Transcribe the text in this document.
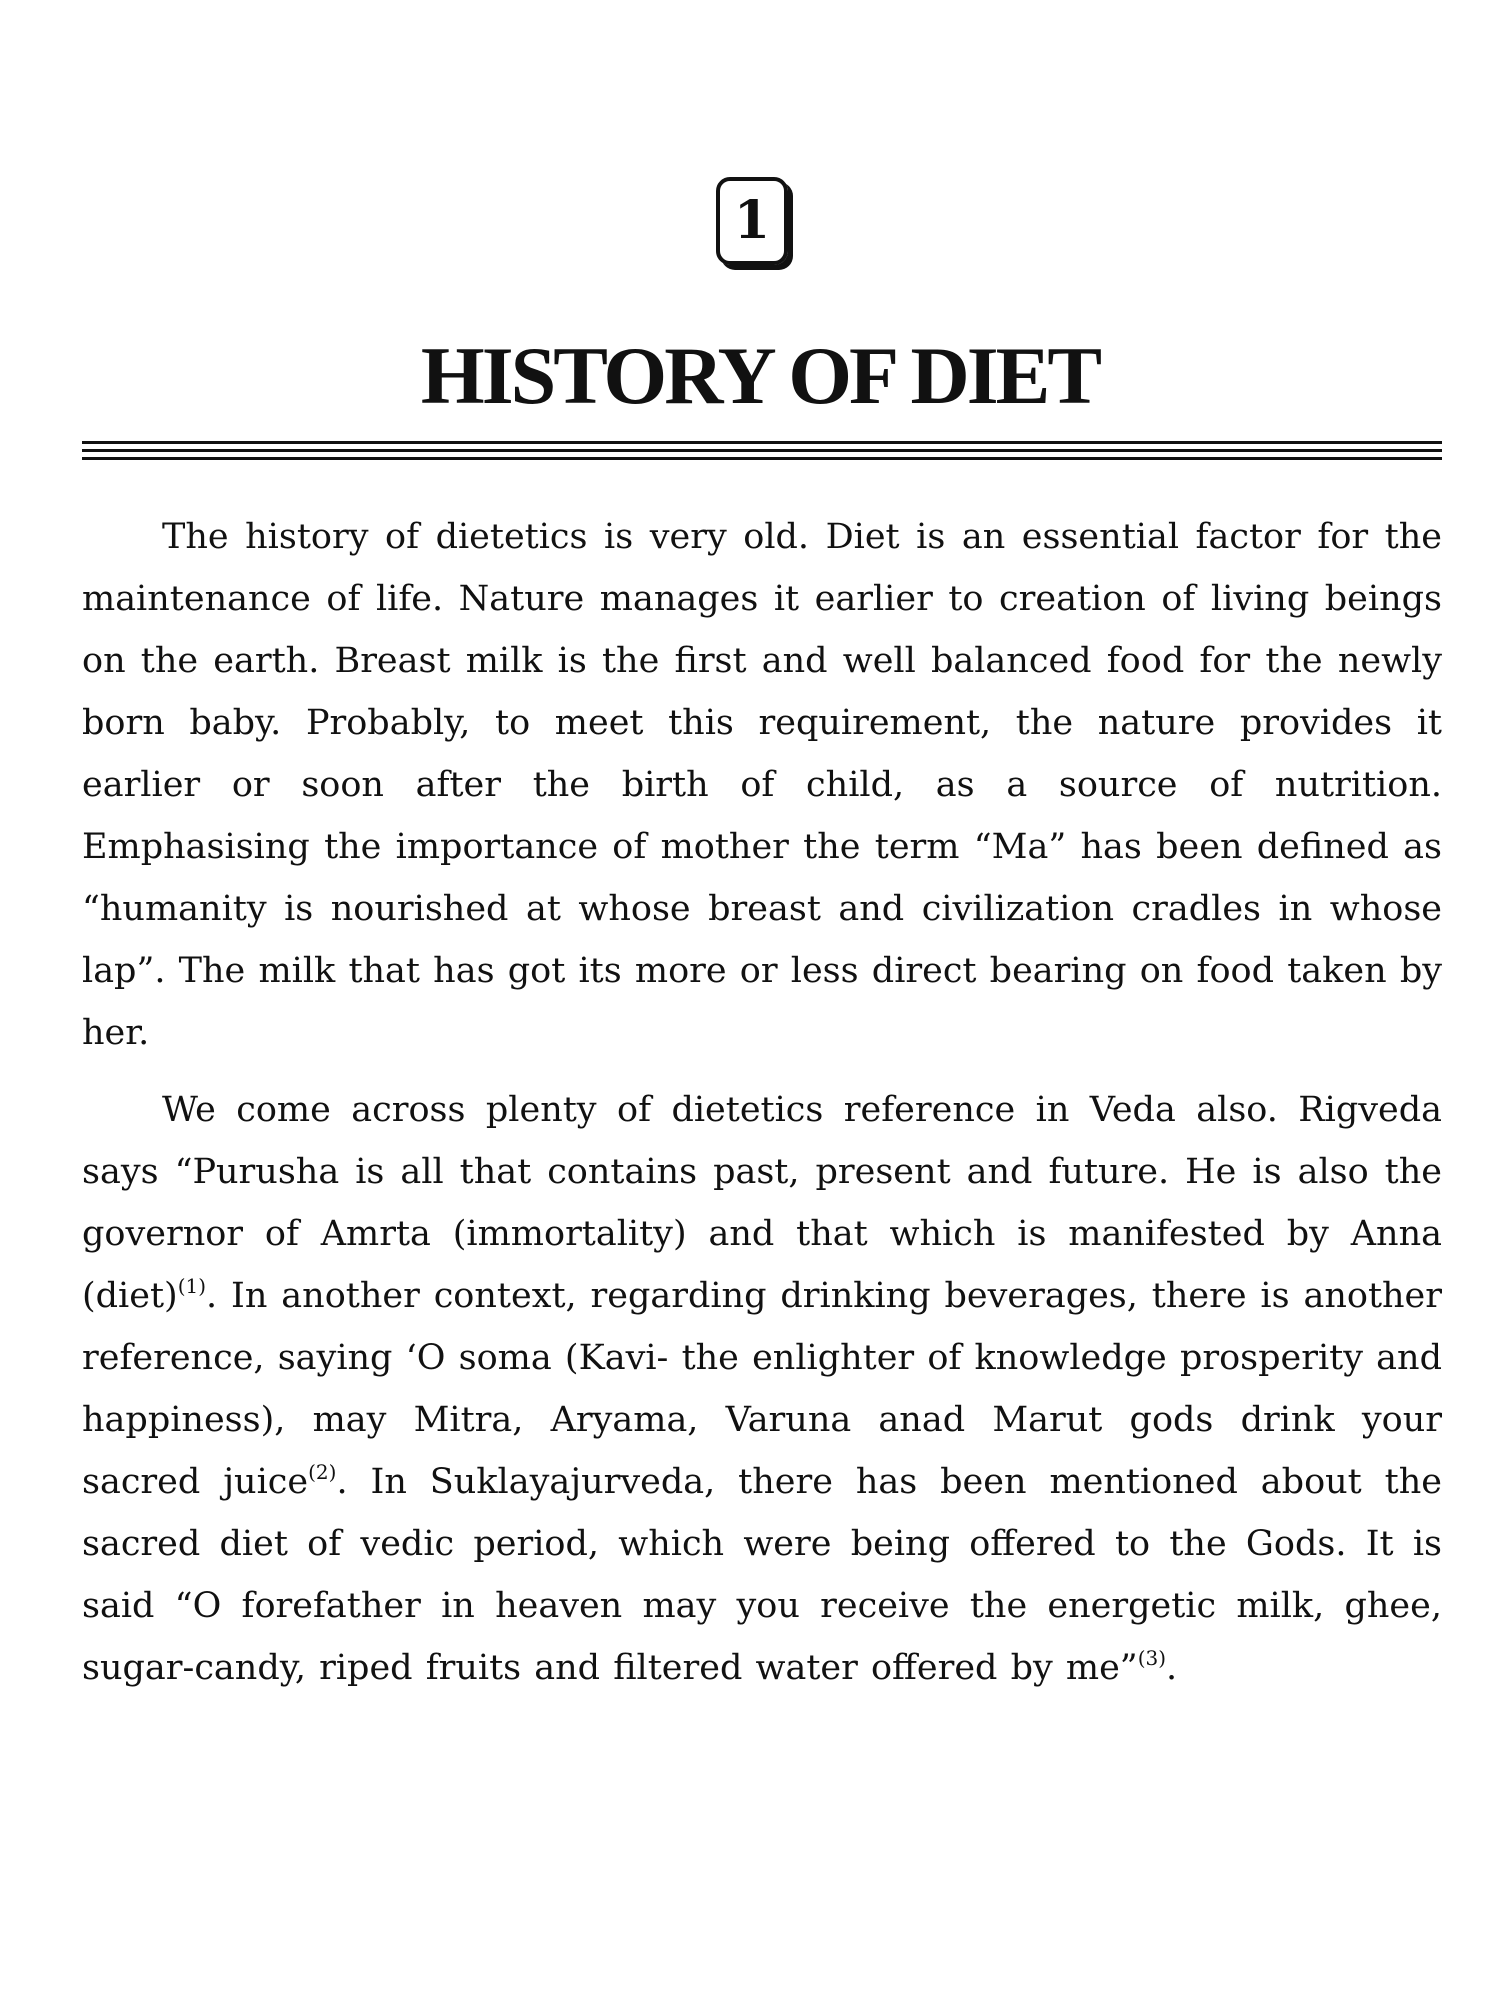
1
HISTORY OF DIET

The history of dietetics is very old. Diet is an essential factor for the maintenance of life. Nature manages it earlier to creation of living beings on the earth. Breast milk is the first and well balanced food for the newly born baby. Probably, to meet this requirement, the nature provides it earlier or soon after the birth of child, as a source of nutrition. Emphasising the importance of mother the term “Ma” has been defined as “humanity is nourished at whose breast and civilization cradles in whose lap”. The milk that has got its more or less direct bearing on food taken by her.

We come across plenty of dietetics reference in Veda also. Rigveda says “Purusha is all that contains past, present and future. He is also the governor of Amrta (immortality) and that which is manifested by Anna (diet)$^{(1)}$. In another context, regarding drinking beverages, there is another reference, saying ‘O soma (Kavi- the enlighter of knowledge prosperity and happiness), may Mitra, Aryama, Varuna anad Marut gods drink your sacred juice$^{(2)}$. In Suklayajurveda, there has been mentioned about the sacred diet of vedic period, which were being offered to the Gods. It is said “O forefather in heaven may you receive the energetic milk, ghee, sugar-candy, riped fruits and filtered water offered by me”$^{(3)}$.
